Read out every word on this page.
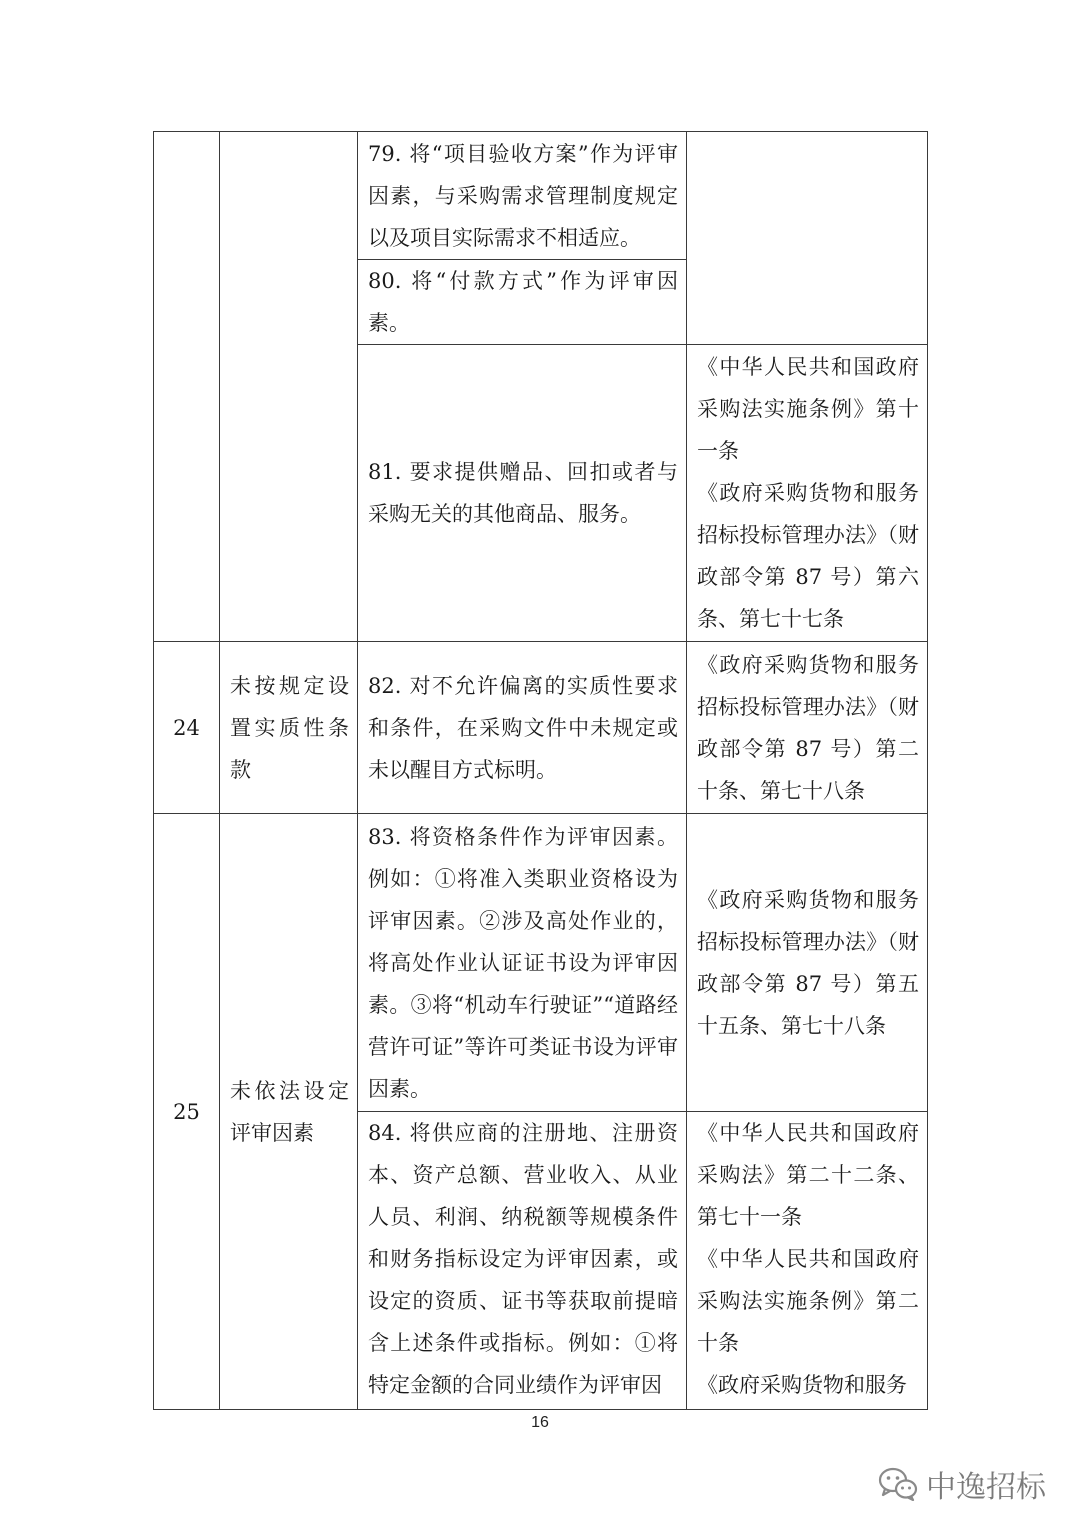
		79. 将“项目验收方案”作为评审因素，与采购需求管理制度规定以及项目实际需求不相适应。	
		80. 将“付款方式”作为评审因素。	
		81. 要求提供赠品、回扣或者与采购无关的其他商品、服务。	《中华人民共和国政府采购法实施条例》第十一条
《政府采购货物和服务招标投标管理办法》（财政部令第 87 号）第六条、第七十七条

24	未按规定设置实质性条款	82. 对不允许偏离的实质性要求和条件，在采购文件中未规定或未以醒目方式标明。	《政府采购货物和服务招标投标管理办法》（财政部令第 87 号）第二十条、第七十八条

25	未依法设定评审因素	83. 将资格条件作为评审因素。例如：①将准入类职业资格设为评审因素。②涉及高处作业的，将高处作业认证证书设为评审因素。③将“机动车行驶证”“道路经营许可证”等许可类证书设为评审因素。	《政府采购货物和服务招标投标管理办法》（财政部令第 87 号）第五十五条、第七十八条

		84. 将供应商的注册地、注册资本、资产总额、营业收入、从业人员、利润、纳税额等规模条件和财务指标设定为评审因素，或设定的资质、证书等获取前提暗含上述条件或指标。例如：①将特定金额的合同业绩作为评审因	《中华人民共和国政府采购法》第二十二条、第七十一条
《中华人民共和国政府采购法实施条例》第二十条
《政府采购货物和服务
16
中逸招标
